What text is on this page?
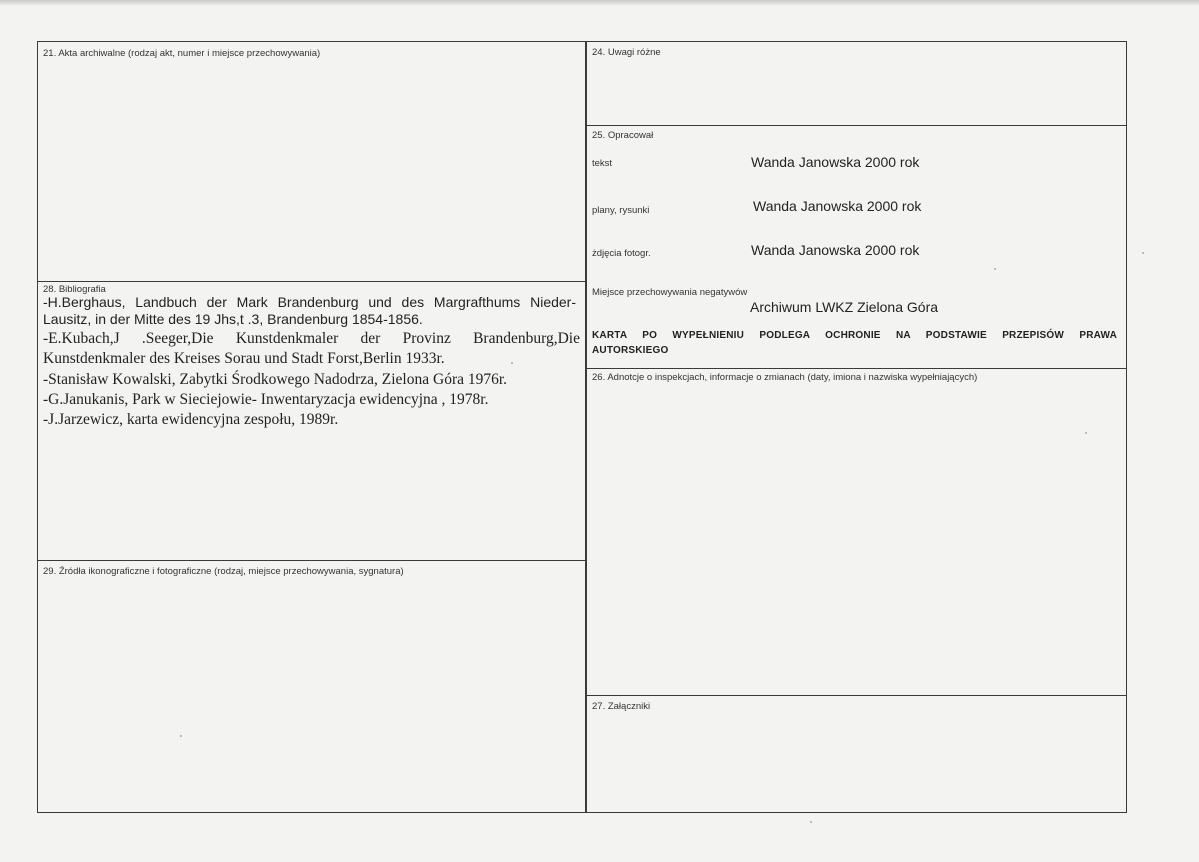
21. Akta archiwalne (rodzaj akt, numer i miejsce przechowywania)	24. Uwagi różne
25. Opracował
tekst	Wanda Janowska 2000 rok
plany, rysunki	Wanda Janowska 2000 rok
żdjęcia fotogr.	Wanda Janowska 2000 rok
Miejsce przechowywania negatywów
Archiwum LWKZ Zielona Góra
KARTA PO WYPEŁNIENIU PODLEGA OCHRONIE NA PODSTAWIE PRZEPISÓW PRAWA
AUTORSKIEGO
26. Adnotcje o inspekcjach, informacje o zmianach (daty, imiona i nazwiska wypełniających)
27. Załączniki
28. Bibliografia
-H.Berghaus, Landbuch der Mark Brandenburg und des Margrafthums Nieder-Lausitz, in der Mitte des 19 Jhs,t .3, Brandenburg 1854-1856.
-E.Kubach,J .Seeger,Die Kunstdenkmaler der Provinz Brandenburg,Die
Kunstdenkmaler des Kreises Sorau und Stadt Forst,Berlin 1933r.
-Stanisław Kowalski, Zabytki Środkowego Nadodrza, Zielona Góra 1976r.
-G.Janukanis, Park w Sieciejowie- Inwentaryzacja ewidencyjna , 1978r.
-J.Jarzewicz, karta ewidencyjna zespołu, 1989r.
29. Źródła ikonograficzne i fotograficzne (rodzaj, miejsce przechowywania, sygnatura)
